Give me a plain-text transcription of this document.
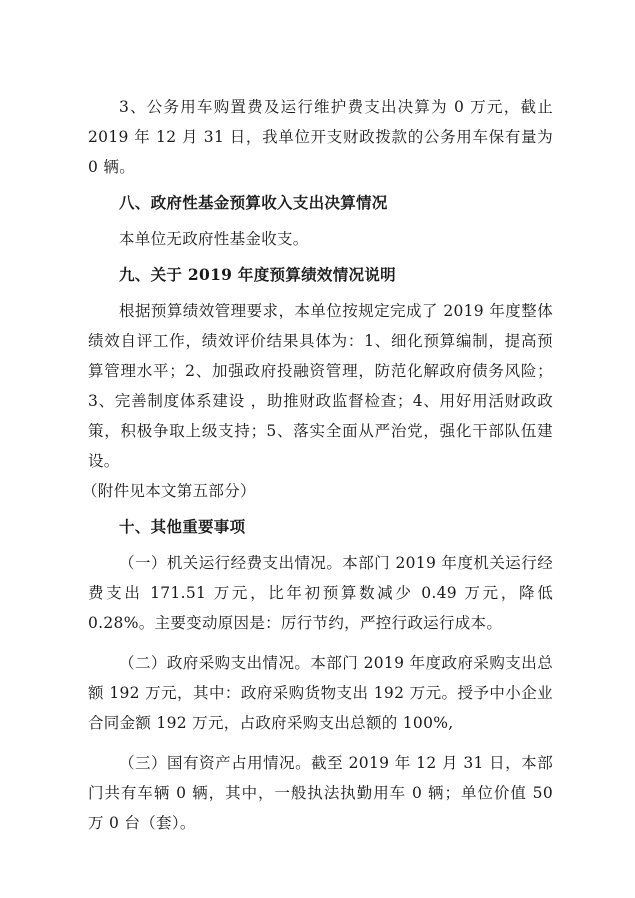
3、公务用车购置费及运行维护费支出决算为 0 万元，截止 2019 年 12 月 31 日，我单位开支财政拨款的公务用车保有量为 0 辆。

八、政府性基金预算收入支出决算情况

本单位无政府性基金收支。

九、关于 2019 年度预算绩效情况说明

根据预算绩效管理要求，本单位按规定完成了 2019 年度整体绩效自评工作，绩效评价结果具体为：1、细化预算编制，提高预算管理水平；2、加强政府投融资管理，防范化解政府债务风险；3、完善制度体系建设 ，助推财政监督检查；4、用好用活财政政策，积极争取上级支持；5、落实全面从严治党，强化干部队伍建设。

（附件见本文第五部分）

十、其他重要事项

（一）机关运行经费支出情况。本部门 2019 年度机关运行经费支出 171.51 万元，比年初预算数减少 0.49 万元，降低 0.28%。主要变动原因是：厉行节约，严控行政运行成本。

（二）政府采购支出情况。本部门 2019 年度政府采购支出总额 192 万元，其中：政府采购货物支出 192 万元。授予中小企业合同金额 192 万元，占政府采购支出总额的 100%,

（三）国有资产占用情况。截至 2019 年 12 月 31 日，本部门共有车辆 0 辆，其中，一般执法执勤用车 0 辆；单位价值 50 万 0 台（套）。
